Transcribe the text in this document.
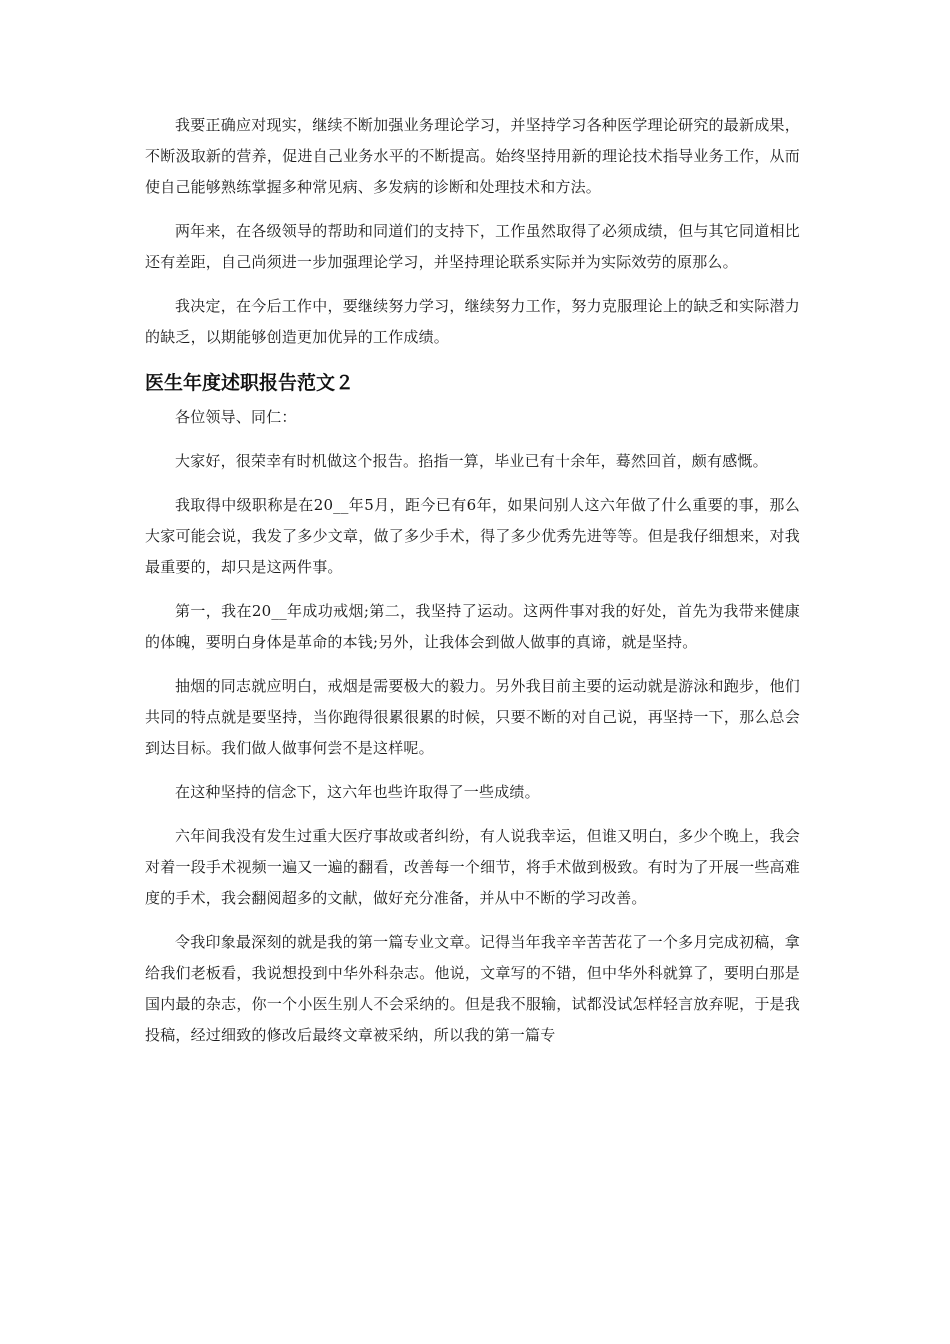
我要正确应对现实，继续不断加强业务理论学习，并坚持学习各种医学理论研究的最新成果，不断汲取新的营养，促进自己业务水平的不断提高。始终坚持用新的理论技术指导业务工作，从而使自己能够熟练掌握多种常见病、多发病的诊断和处理技术和方法。

两年来，在各级领导的帮助和同道们的支持下，工作虽然取得了必须成绩，但与其它同道相比还有差距，自己尚须进一步加强理论学习，并坚持理论联系实际并为实际效劳的原那么。

我决定，在今后工作中，要继续努力学习，继续努力工作，努力克服理论上的缺乏和实际潜力的缺乏，以期能够创造更加优异的工作成绩。

医生年度述职报告范文２

各位领导、同仁：

大家好，很荣幸有时机做这个报告。掐指一算，毕业已有十余年，蓦然回首，颇有感慨。

我取得中级职称是在20__年5月，距今已有6年，如果问别人这六年做了什么重要的事，那么大家可能会说，我发了多少文章，做了多少手术，得了多少优秀先进等等。但是我仔细想来，对我最重要的，却只是这两件事。

第一，我在20__年成功戒烟;第二，我坚持了运动。这两件事对我的好处，首先为我带来健康的体魄，要明白身体是革命的本钱;另外，让我体会到做人做事的真谛，就是坚持。

抽烟的同志就应明白，戒烟是需要极大的毅力。另外我目前主要的运动就是游泳和跑步，他们共同的特点就是要坚持，当你跑得很累很累的时候，只要不断的对自己说，再坚持一下，那么总会到达目标。我们做人做事何尝不是这样呢。

在这种坚持的信念下，这六年也些许取得了一些成绩。

六年间我没有发生过重大医疗事故或者纠纷，有人说我幸运，但谁又明白，多少个晚上，我会对着一段手术视频一遍又一遍的翻看，改善每一个细节，将手术做到极致。有时为了开展一些高难度的手术，我会翻阅超多的文献，做好充分准备，并从中不断的学习改善。

令我印象最深刻的就是我的第一篇专业文章。记得当年我辛辛苦苦花了一个多月完成初稿，拿给我们老板看，我说想投到中华外科杂志。他说，文章写的不错，但中华外科就算了，要明白那是国内最的杂志，你一个小医生别人不会采纳的。但是我不服输，试都没试怎样轻言放弃呢，于是我投稿，经过细致的修改后最终文章被采纳，所以我的第一篇专
